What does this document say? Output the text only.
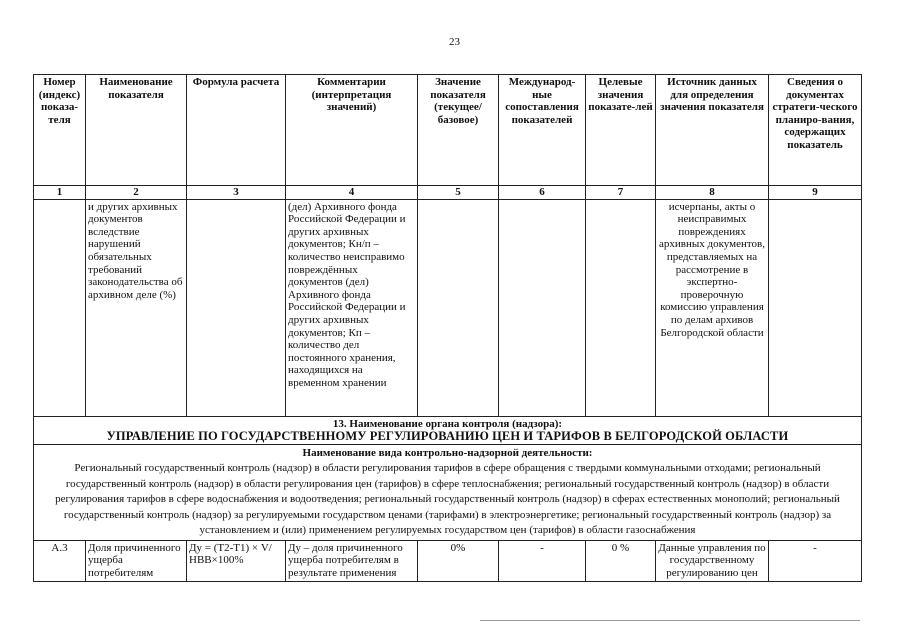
23
Номер (индекс) показа-теля	Наименование показателя	Формула расчета	Комментарии (интерпретация значений)	Значение показателя (текущее/ базовое)	Международ-ные сопоставления показателей	Целевые значения показате-лей	Источник данных для определения значения показателя	Сведения о документах стратеги-ческого планиро-вания, содержащих показатель
1	2	3	4	5	6	7	8	9
	и других архивных документов вследствие нарушений обязательных требований законодательства об архивном деле (%)		(дел) Архивного фонда Российской Федерации и других архивных документов; Кн/п – количество неисправимо повреждённых документов (дел) Архивного фонда Российской Федерации и других архивных документов; Кп – количество дел постоянного хранения, находящихся на временном хранении				исчерпаны, акты о неисправимых повреждениях архивных документов, представляемых на рассмотрение в экспертно-проверочную комиссию управления по делам архивов Белгородской области	

13. Наименование органа контроля (надзора):
УПРАВЛЕНИЕ ПО ГОСУДАРСТВЕННОМУ РЕГУЛИРОВАНИЮ ЦЕН И ТАРИФОВ В БЕЛГОРОДСКОЙ ОБЛАСТИ								

Наименование вида контрольно-надзорной деятельности:
Региональный государственный контроль (надзор) в области регулирования тарифов в сфере обращения с твердыми коммунальными отходами; региональный государственный контроль (надзор) в области регулирования цен (тарифов) в сфере теплоснабжения; региональный государственный контроль (надзор) в области регулирования тарифов в сфере водоснабжения и водоотведения; региональный государственный контроль (надзор) в сферах естественных монополий; региональный государственный контроль (надзор) за регулируемыми государством ценами (тарифами) в электроэнергетике; региональный государственный контроль (надзор) за установлением и (или) применением регулируемых государством цен (тарифов) в области газоснабжения								

А.3	Доля причиненного ущерба потребителям	Ду = (Т2-Т1) × V/НВВ×100%	Ду – доля причиненного ущерба потребителям в результате применения	0%	-	0 %	Данные управления по государственному регулированию цен	-
